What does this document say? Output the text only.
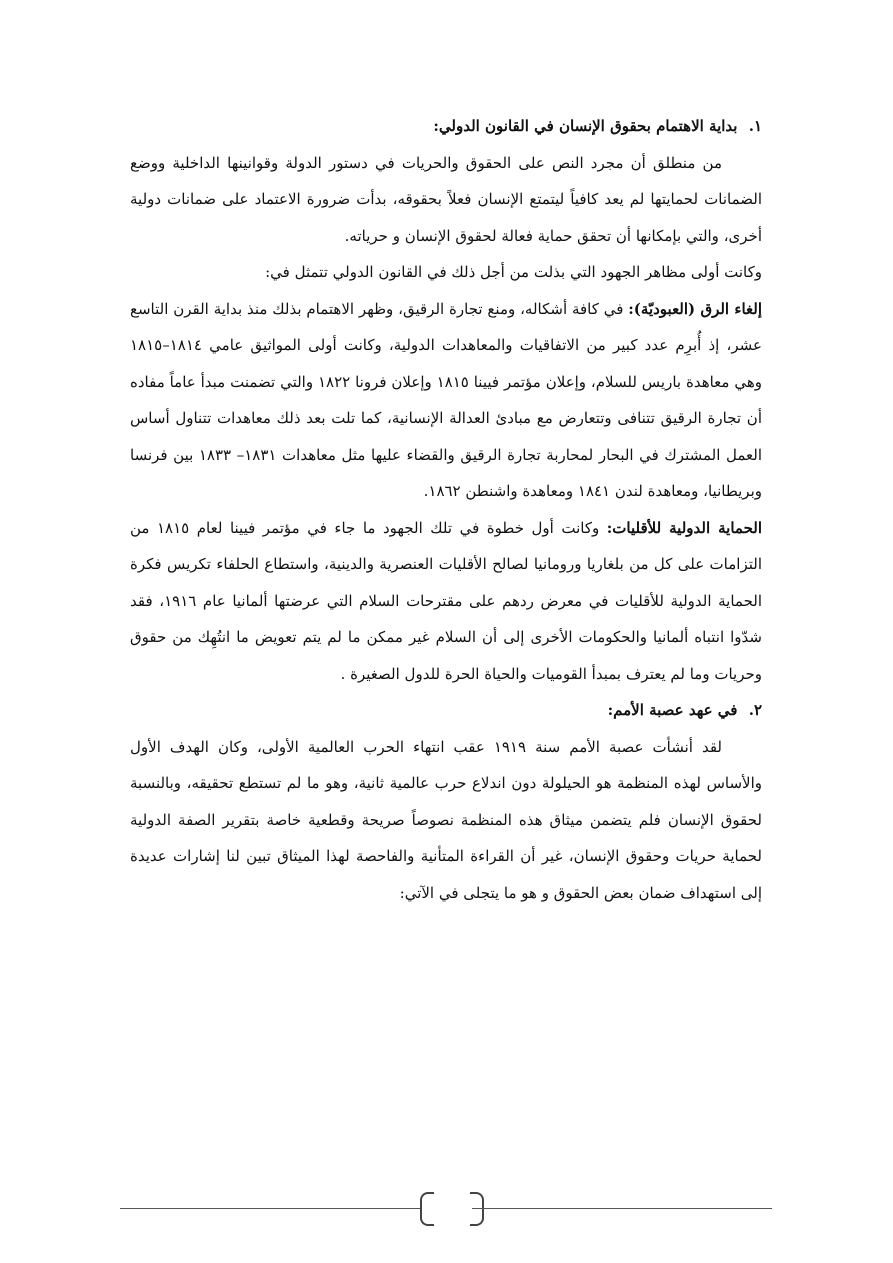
١. بداية الاهتمام بحقوق الإنسان في القانون الدولي:

من منطلق أن مجرد النص على الحقوق والحريات في دستور الدولة وقوانينها الداخلية ووضع الضمانات لحمايتها لم يعد كافياً ليتمتع الإنسان فعلاً بحقوقه، بدأت ضرورة الاعتماد على ضمانات دولية أخرى، والتي بإمكانها أن تحقق حماية فعالة لحقوق الإنسان و حرياته.

وكانت أولى مظاهر الجهود التي بذلت من أجل ذلك في القانون الدولي تتمثل في:

إلغاء الرق (العبوديّة): في كافة أشكاله، ومنع تجارة الرقيق، وظهر الاهتمام بذلك منذ بداية القرن التاسع عشر، إذ أُبرِم عدد كبير من الاتفاقيات والمعاهدات الدولية، وكانت أولى المواثيق عامي ١٨١٤–١٨١٥ وهي معاهدة باريس للسلام، وإعلان مؤتمر فيينا ١٨١٥ وإعلان فرونا ١٨٢٢ والتي تضمنت مبدأ عاماً مفاده أن تجارة الرقيق تتنافى وتتعارض مع مبادئ العدالة الإنسانية، كما تلت بعد ذلك معاهدات تتناول أساس العمل المشترك في البحار لمحاربة تجارة الرقيق والقضاء عليها مثل معاهدات ١٨٣١– ١٨٣٣ بين فرنسا وبريطانيا، ومعاهدة لندن ١٨٤١ ومعاهدة واشنطن ١٨٦٢.

الحماية الدولية للأقليات: وكانت أول خطوة في تلك الجهود ما جاء في مؤتمر فيينا لعام ١٨١٥ من التزامات على كل من بلغاريا ورومانيا لصالح الأقليات العنصرية والدينية، واستطاع الحلفاء تكريس فكرة الحماية الدولية للأقليات في معرض ردهم على مقترحات السلام التي عرضتها ألمانيا عام ١٩١٦، فقد شدّوا انتباه ألمانيا والحكومات الأخرى إلى أن السلام غير ممكن ما لم يتم تعويض ما انتُهِك من حقوق وحريات وما لم يعترف بمبدأ القوميات والحياة الحرة للدول الصغيرة .

٢. في عهد عصبة الأمم:

لقد أنشأت عصبة الأمم سنة ١٩١٩ عقب انتهاء الحرب العالمية الأولى، وكان الهدف الأول والأساس لهذه المنظمة هو الحيلولة دون اندلاع حرب عالمية ثانية، وهو ما لم تستطع تحقيقه، وبالنسبة لحقوق الإنسان فلم يتضمن ميثاق هذه المنظمة نصوصاً صريحة وقطعية خاصة بتقرير الصفة الدولية لحماية حريات وحقوق الإنسان، غير أن القراءة المتأنية والفاحصة لهذا الميثاق تبين لنا إشارات عديدة إلى استهداف ضمان بعض الحقوق و هو ما يتجلى في الآتي:
